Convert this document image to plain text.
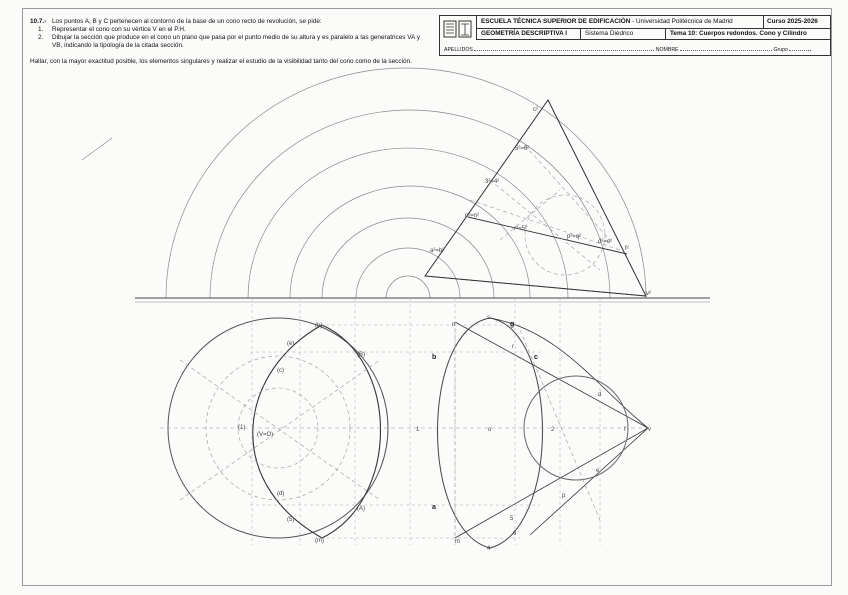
10.7.- Los puntos A, B y C pertenecen al contorno de la base de un cono recto de revolución, se pide:
1.	Representar el cono con su vértice V en el P.H.
2.	Dibujar la sección que produce en el cono un plano que pasa por el punto medio de su altura y es paralelo a las generatrices VA y VB, indicando la tipología de la citada sección.
Hallar, con la mayor exactitud posible, los elementos singulares y realizar el estudio de la visibilidad tanto del cono como de la sección.
ESCUELA TÉCNICA SUPERIOR DE EDIFICACIÓN - Universidad Politécnica de Madrid	Curso 2025-2026
GEOMETRÍA DESCRIPTIVA I	Sistema Diédrico	Tema 10: Cuerpos redondos. Cono y Cilindro
APELLIDOS	NOMBRE	Grupo
c²
5²=6²
3²=4²
n²=n²
r²=5²
p²=q²
d²=e²
a²=b²
v²
f²
(b)
(e)
(B)
(c)
(1)
(V=O)
(d)
(A)
(5)
(m)
n
s
g
b	c
r
1	o	2
d
f	v
e
p
a
5
6
m
4
